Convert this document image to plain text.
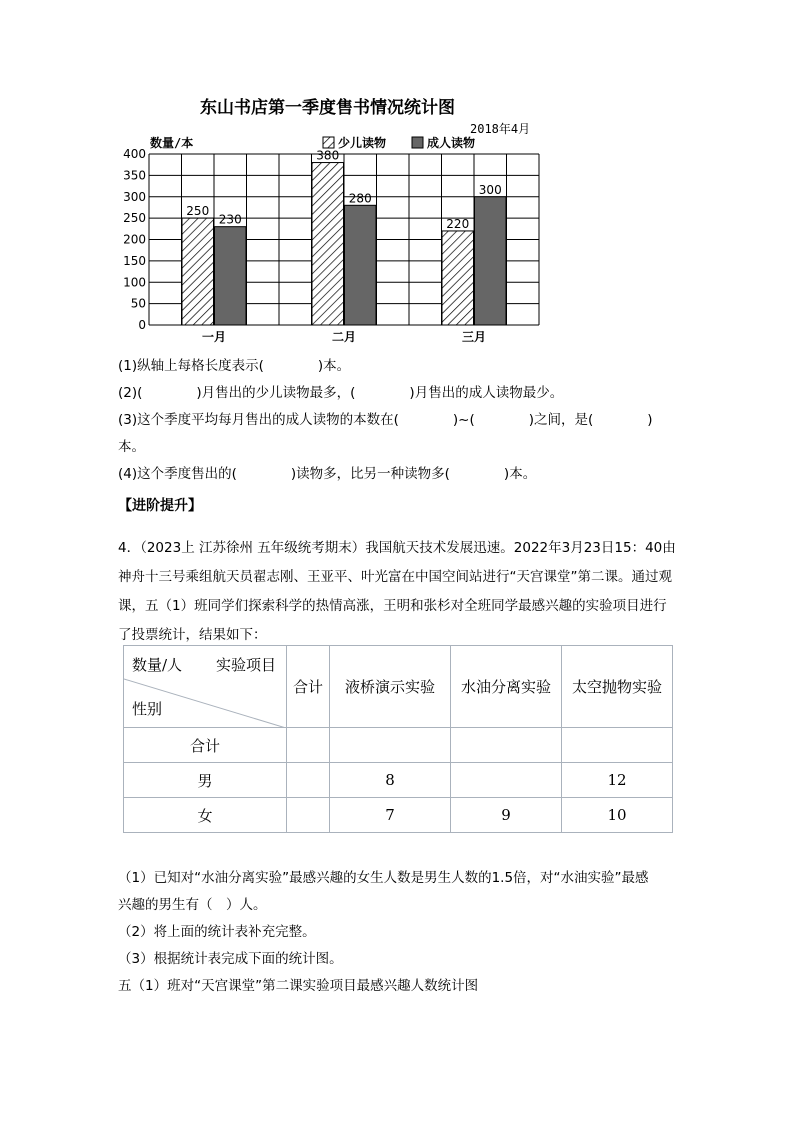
东山书店第一季度售书情况统计图
2018年4月
数量/本
0
50
100
150
200
250
300
350
400
250
230
380
280
220
300
少儿读物	成人读物
一月	二月	三月
(1)纵轴上每格长度表示(　　　　)本。
(2)(　　　　)月售出的少儿读物最多，(　　　　)月售出的成人读物最少。
(3)这个季度平均每月售出的成人读物的本数在(　　　　)~(　　　　)之间，是(　　　　)
本。
(4)这个季度售出的(　　　　)读物多，比另一种读物多(　　　　)本。
【进阶提升】
4．（2023上 江苏徐州 五年级统考期末）我国航天技术发展迅速。2022年3月23日15：40由神舟十三号乘组航天员翟志刚、王亚平、叶光富在中国空间站进行“天宫课堂”第二课。通过观课，五（1）班同学们探索科学的热情高涨，王明和张杉对全班同学最感兴趣的实验项目进行了投票统计，结果如下：
数量/人 实验项目
性别	合计	液桥演示实验	水油分离实验	太空抛物实验
合计				
男		8		12
女		7	9	10
（1）已知对“水油分离实验”最感兴趣的女生人数是男生人数的1.5倍，对“水油实验”最感
兴趣的男生有（　）人。
（2）将上面的统计表补充完整。
（3）根据统计表完成下面的统计图。
五（1）班对“天宫课堂”第二课实验项目最感兴趣人数统计图
